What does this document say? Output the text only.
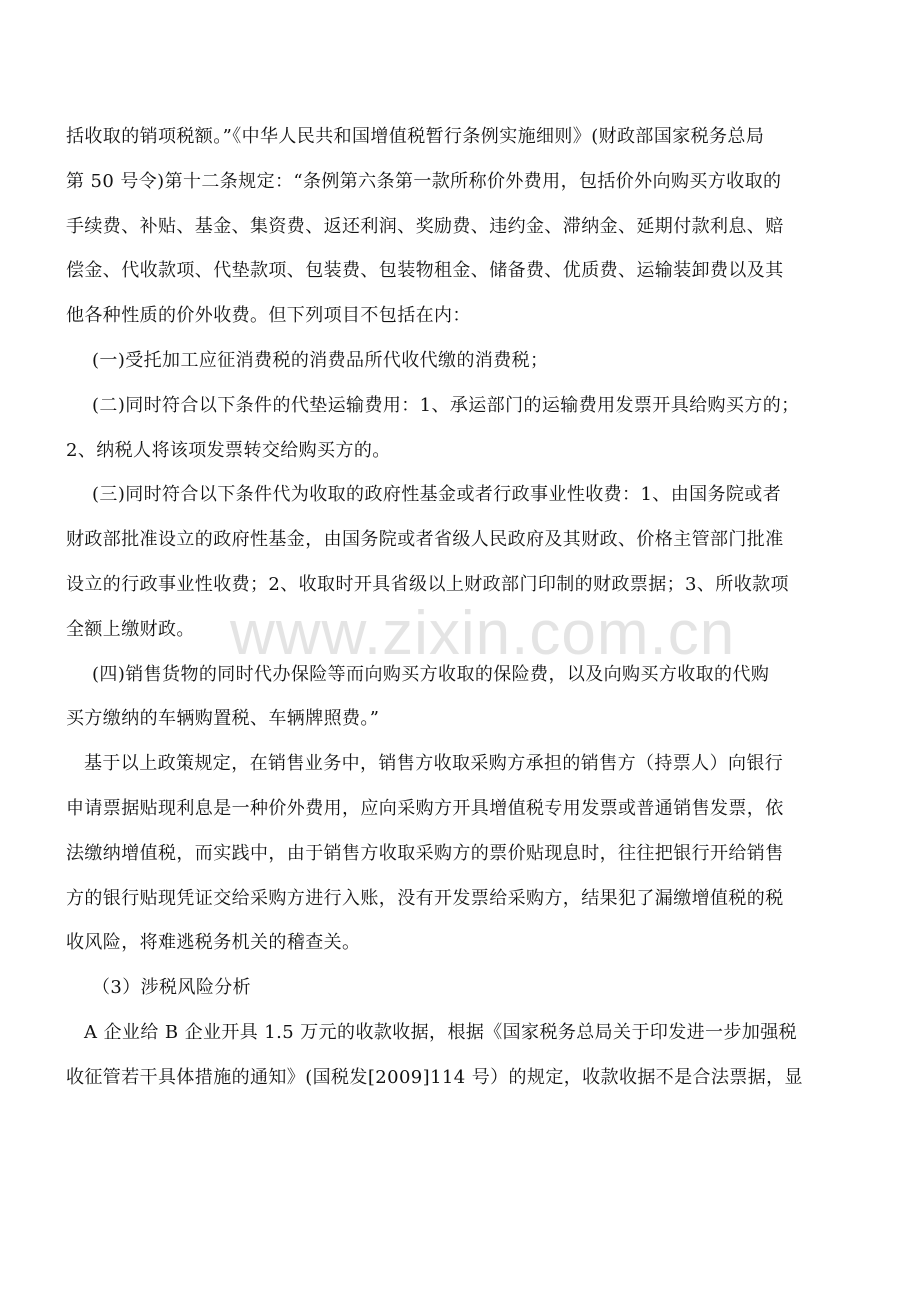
www.zixin.com.cn
括收取的销项税额。”《中华人民共和国增值税暂行条例实施细则》(财政部国家税务总局
第 50 号令)第十二条规定：“条例第六条第一款所称价外费用，包括价外向购买方收取的
手续费、补贴、基金、集资费、返还利润、奖励费、违约金、滞纳金、延期付款利息、赔
偿金、代收款项、代垫款项、包装费、包装物租金、储备费、优质费、运输装卸费以及其
他各种性质的价外收费。但下列项目不包括在内：
(一)受托加工应征消费税的消费品所代收代缴的消费税；
(二)同时符合以下条件的代垫运输费用：1、承运部门的运输费用发票开具给购买方的；
2、纳税人将该项发票转交给购买方的。
(三)同时符合以下条件代为收取的政府性基金或者行政事业性收费：1、由国务院或者
财政部批准设立的政府性基金，由国务院或者省级人民政府及其财政、价格主管部门批准
设立的行政事业性收费；2、收取时开具省级以上财政部门印制的财政票据；3、所收款项
全额上缴财政。
(四)销售货物的同时代办保险等而向购买方收取的保险费，以及向购买方收取的代购
买方缴纳的车辆购置税、车辆牌照费。”
基于以上政策规定，在销售业务中，销售方收取采购方承担的销售方（持票人）向银行
申请票据贴现利息是一种价外费用，应向采购方开具增值税专用发票或普通销售发票，依
法缴纳增值税，而实践中，由于销售方收取采购方的票价贴现息时，往往把银行开给销售
方的银行贴现凭证交给采购方进行入账，没有开发票给采购方，结果犯了漏缴增值税的税
收风险，将难逃税务机关的稽查关。
（3）涉税风险分析
A 企业给 B 企业开具 1.5 万元的收款收据，根据《国家税务总局关于印发进一步加强税
收征管若干具体措施的通知》(国税发[2009]114 号）的规定，收款收据不是合法票据，显
